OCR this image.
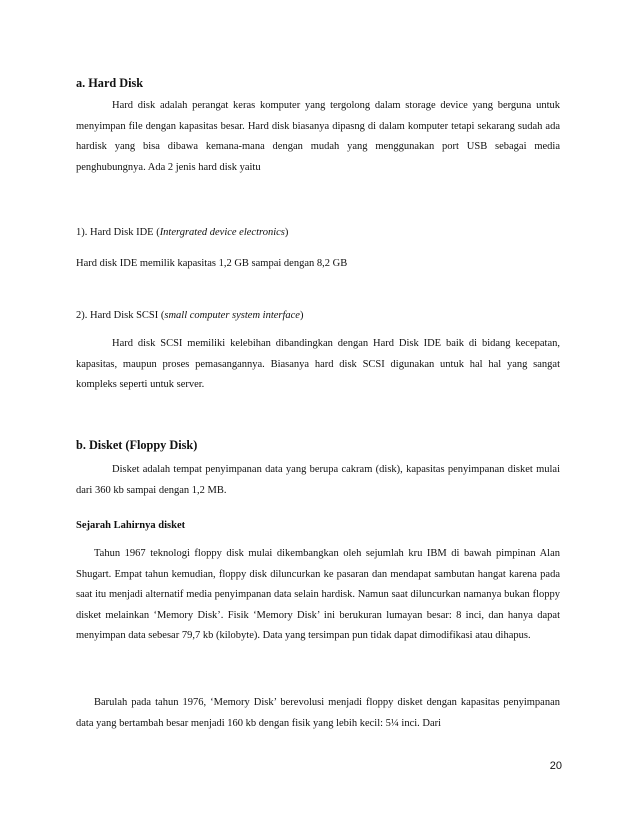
a. Hard Disk

Hard disk adalah perangat keras komputer yang tergolong dalam storage device yang berguna untuk menyimpan file dengan kapasitas besar. Hard disk biasanya dipasng di dalam komputer tetapi sekarang sudah ada hardisk yang bisa dibawa kemana-mana dengan mudah yang menggunakan port USB sebagai media penghubungnya. Ada 2 jenis hard disk yaitu

1). Hard Disk IDE (Intergrated device electronics)

Hard disk IDE memilik kapasitas 1,2 GB sampai dengan 8,2 GB

2). Hard Disk SCSI (small computer system interface)

Hard disk SCSI memiliki kelebihan dibandingkan dengan Hard Disk IDE baik di bidang kecepatan, kapasitas, maupun proses pemasangannya. Biasanya hard disk SCSI digunakan untuk hal hal yang sangat kompleks seperti untuk server.

b. Disket (Floppy Disk)

Disket adalah tempat penyimpanan data yang berupa cakram (disk), kapasitas penyimpanan disket mulai dari 360 kb sampai dengan 1,2 MB.

Sejarah Lahirnya disket

Tahun 1967 teknologi floppy disk mulai dikembangkan oleh sejumlah kru IBM di bawah pimpinan Alan Shugart. Empat tahun kemudian, floppy disk diluncurkan ke pasaran dan mendapat sambutan hangat karena pada saat itu menjadi alternatif media penyimpanan data selain hardisk. Namun saat diluncurkan namanya bukan floppy disket melainkan ‘Memory Disk’. Fisik ‘Memory Disk’ ini berukuran lumayan besar: 8 inci, dan hanya dapat menyimpan data sebesar 79,7 kb (kilobyte). Data yang tersimpan pun tidak dapat dimodifikasi atau dihapus.

Barulah pada tahun 1976, ‘Memory Disk’ berevolusi menjadi floppy disket dengan kapasitas penyimpanan data yang bertambah besar menjadi 160 kb dengan fisik yang lebih kecil: 5¼ inci. Dari

20
